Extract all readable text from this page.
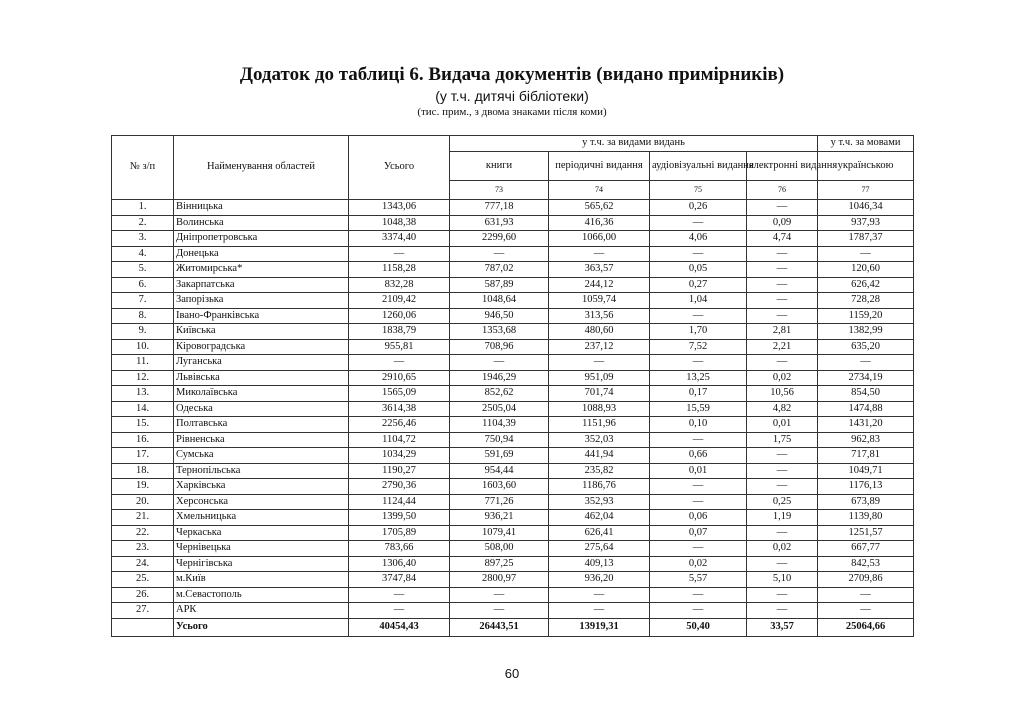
Додаток до таблиці 6. Видача документів (видано примірників)
(у т.ч. дитячі бібліотеки)
(тис. прим., з двома знаками після коми)
№ з/п	Найменування областей	Усього	у т.ч. за видами видань				у т.ч. за мовами	
			книги	періодичні видання	аудіовізуальні видання	електронні видання	українською	
			73	74	75	76	77	
1.	Вінницька	1343,06	777,18	565,62	0,26	—	1046,34	
2.	Волинська	1048,38	631,93	416,36	—	0,09	937,93	
3.	Дніпропетровська	3374,40	2299,60	1066,00	4,06	4,74	1787,37	
4.	Донецька	—	—	—	—	—	—	
5.	Житомирська*	1158,28	787,02	363,57	0,05	—	120,60	
6.	Закарпатська	832,28	587,89	244,12	0,27	—	626,42	
7.	Запорізька	2109,42	1048,64	1059,74	1,04	—	728,28	
8.	Івано-Франківська	1260,06	946,50	313,56	—	—	1159,20	
9.	Київська	1838,79	1353,68	480,60	1,70	2,81	1382,99	
10.	Кіровоградська	955,81	708,96	237,12	7,52	2,21	635,20	
11.	Луганська	—	—	—	—	—	—	
12.	Львівська	2910,65	1946,29	951,09	13,25	0,02	2734,19	
13.	Миколаївська	1565,09	852,62	701,74	0,17	10,56	854,50	
14.	Одеська	3614,38	2505,04	1088,93	15,59	4,82	1474,88	
15.	Полтавська	2256,46	1104,39	1151,96	0,10	0,01	1431,20	
16.	Рівненська	1104,72	750,94	352,03	—	1,75	962,83	
17.	Сумська	1034,29	591,69	441,94	0,66	—	717,81	
18.	Тернопільська	1190,27	954,44	235,82	0,01	—	1049,71	
19.	Харківська	2790,36	1603,60	1186,76	—	—	1176,13	
20.	Херсонська	1124,44	771,26	352,93	—	0,25	673,89	
21.	Хмельницька	1399,50	936,21	462,04	0,06	1,19	1139,80	
22.	Черкаська	1705,89	1079,41	626,41	0,07	—	1251,57	
23.	Чернівецька	783,66	508,00	275,64	—	0,02	667,77	
24.	Чернігівська	1306,40	897,25	409,13	0,02	—	842,53	
25.	м.Київ	3747,84	2800,97	936,20	5,57	5,10	2709,86	
26.	м.Севастополь	—	—	—	—	—	—	
27.	АРК	—	—	—	—	—	—	
	Усього	40454,43	26443,51	13919,31	50,40	33,57	25064,66	
60
